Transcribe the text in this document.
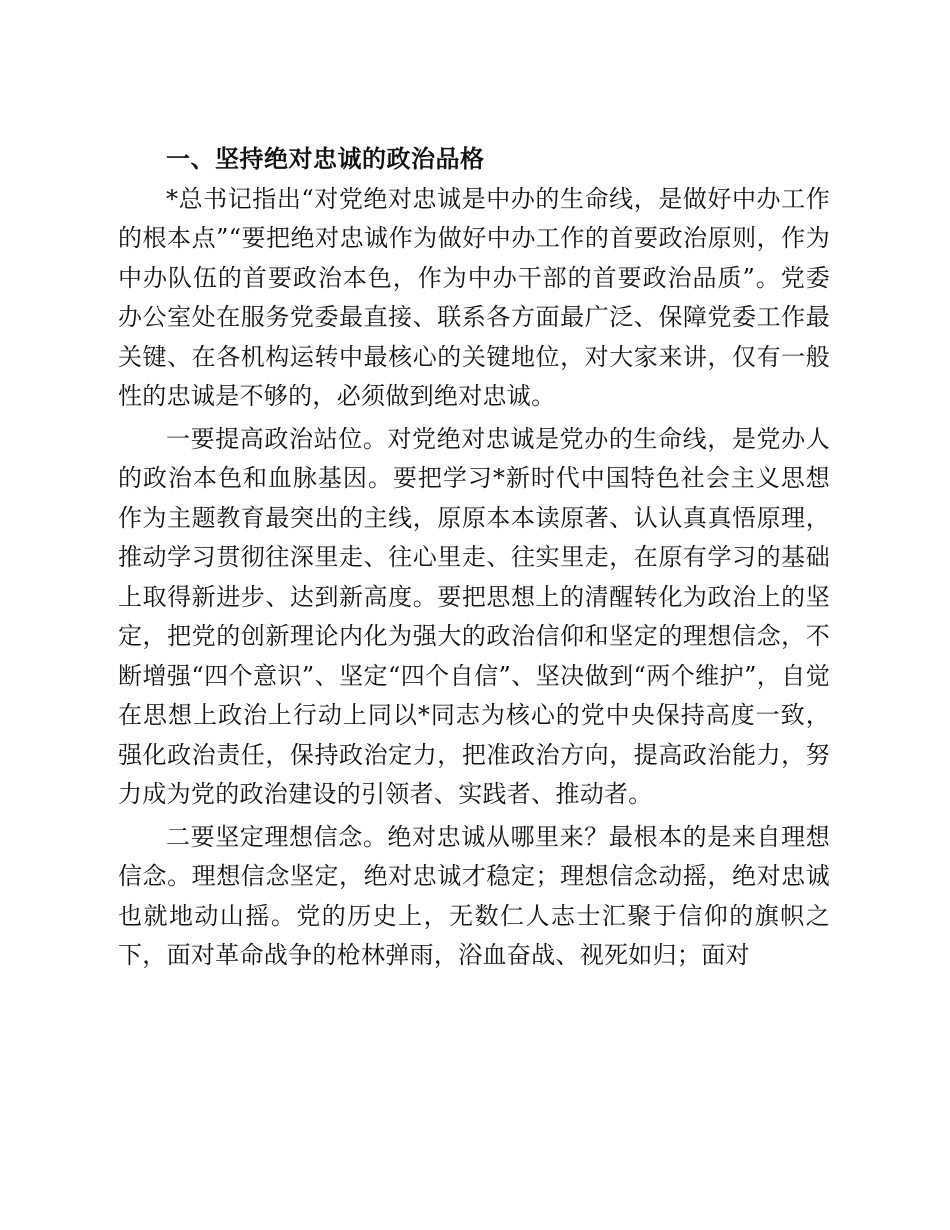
一、坚持绝对忠诚的政治品格

*总书记指出“对党绝对忠诚是中办的生命线，是做好中办工作的根本点”“要把绝对忠诚作为做好中办工作的首要政治原则，作为中办队伍的首要政治本色，作为中办干部的首要政治品质”。党委办公室处在服务党委最直接、联系各方面最广泛、保障党委工作最关键、在各机构运转中最核心的关键地位，对大家来讲，仅有一般性的忠诚是不够的，必须做到绝对忠诚。

一要提高政治站位。对党绝对忠诚是党办的生命线，是党办人的政治本色和血脉基因。要把学习*新时代中国特色社会主义思想作为主题教育最突出的主线，原原本本读原著、认认真真悟原理，推动学习贯彻往深里走、往心里走、往实里走，在原有学习的基础上取得新进步、达到新高度。要把思想上的清醒转化为政治上的坚定，把党的创新理论内化为强大的政治信仰和坚定的理想信念，不断增强“四个意识”、坚定“四个自信”、坚决做到“两个维护”，自觉在思想上政治上行动上同以*同志为核心的党中央保持高度一致，强化政治责任，保持政治定力，把准政治方向，提高政治能力，努力成为党的政治建设的引领者、实践者、推动者。

二要坚定理想信念。绝对忠诚从哪里来？最根本的是来自理想信念。理想信念坚定，绝对忠诚才稳定；理想信念动摇，绝对忠诚也就地动山摇。党的历史上，无数仁人志士汇聚于信仰的旗帜之下，面对革命战争的枪林弹雨，浴血奋战、视死如归；面对
